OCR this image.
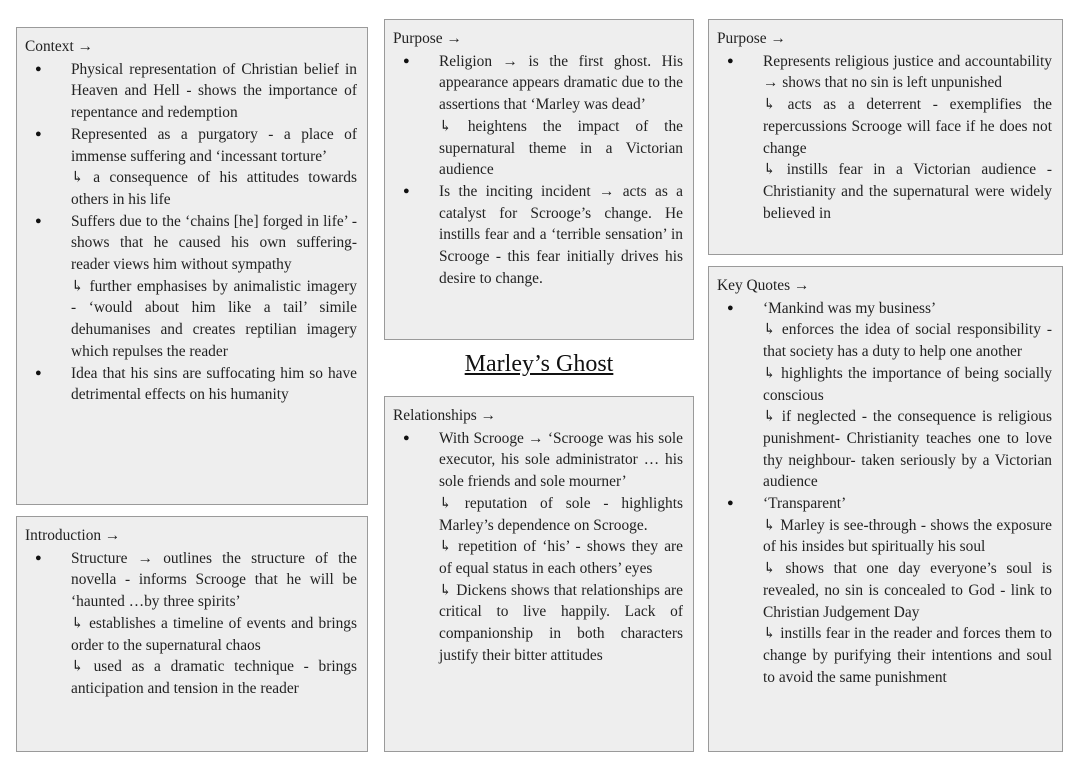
Context →
● Physical representation of Christian belief in Heaven and Hell - shows the importance of repentance and redemption
● Represented as a purgatory - a place of immense suffering and ‘incessant torture’
↳ a consequence of his attitudes towards others in his life
● Suffers due to the ‘chains [he] forged in life’ - shows that he caused his own suffering- reader views him without sympathy
↳ further emphasises by animalistic imagery - ‘would about him like a tail’ simile dehumanises and creates reptilian imagery which repulses the reader
● Idea that his sins are suffocating him so have detrimental effects on his humanity
Introduction →
● Structure → outlines the structure of the novella - informs Scrooge that he will be ‘haunted …by three spirits’
↳ establishes a timeline of events and brings order to the supernatural chaos
↳ used as a dramatic technique - brings anticipation and tension in the reader
Purpose →
● Religion → is the first ghost. His appearance appears dramatic due to the assertions that ‘Marley was dead’
↳ heightens the impact of the supernatural theme in a Victorian audience
● Is the inciting incident → acts as a catalyst for Scrooge’s change. He instills fear and a ‘terrible sensation’ in Scrooge - this fear initially drives his desire to change.
Marley’s Ghost
Relationships →
● With Scrooge → ‘Scrooge was his sole executor, his sole administrator … his sole friends and sole mourner’
↳ reputation of sole - highlights Marley’s dependence on Scrooge.
↳ repetition of ‘his’ - shows they are of equal status in each others’ eyes
↳ Dickens shows that relationships are critical to live happily. Lack of companionship in both characters justify their bitter attitudes
Purpose →
● Represents religious justice and accountability → shows that no sin is left unpunished
↳ acts as a deterrent - exemplifies the repercussions Scrooge will face if he does not change
↳ instills fear in a Victorian audience - Christianity and the supernatural were widely believed in
Key Quotes →
● ‘Mankind was my business’
↳ enforces the idea of social responsibility - that society has a duty to help one another
↳ highlights the importance of being socially conscious
↳ if neglected - the consequence is religious punishment- Christianity teaches one to love thy neighbour- taken seriously by a Victorian audience
● ‘Transparent’
↳ Marley is see-through - shows the exposure of his insides but spiritually his soul
↳ shows that one day everyone’s soul is revealed, no sin is concealed to God - link to Christian Judgement Day
↳ instills fear in the reader and forces them to change by purifying their intentions and soul to avoid the same punishment
